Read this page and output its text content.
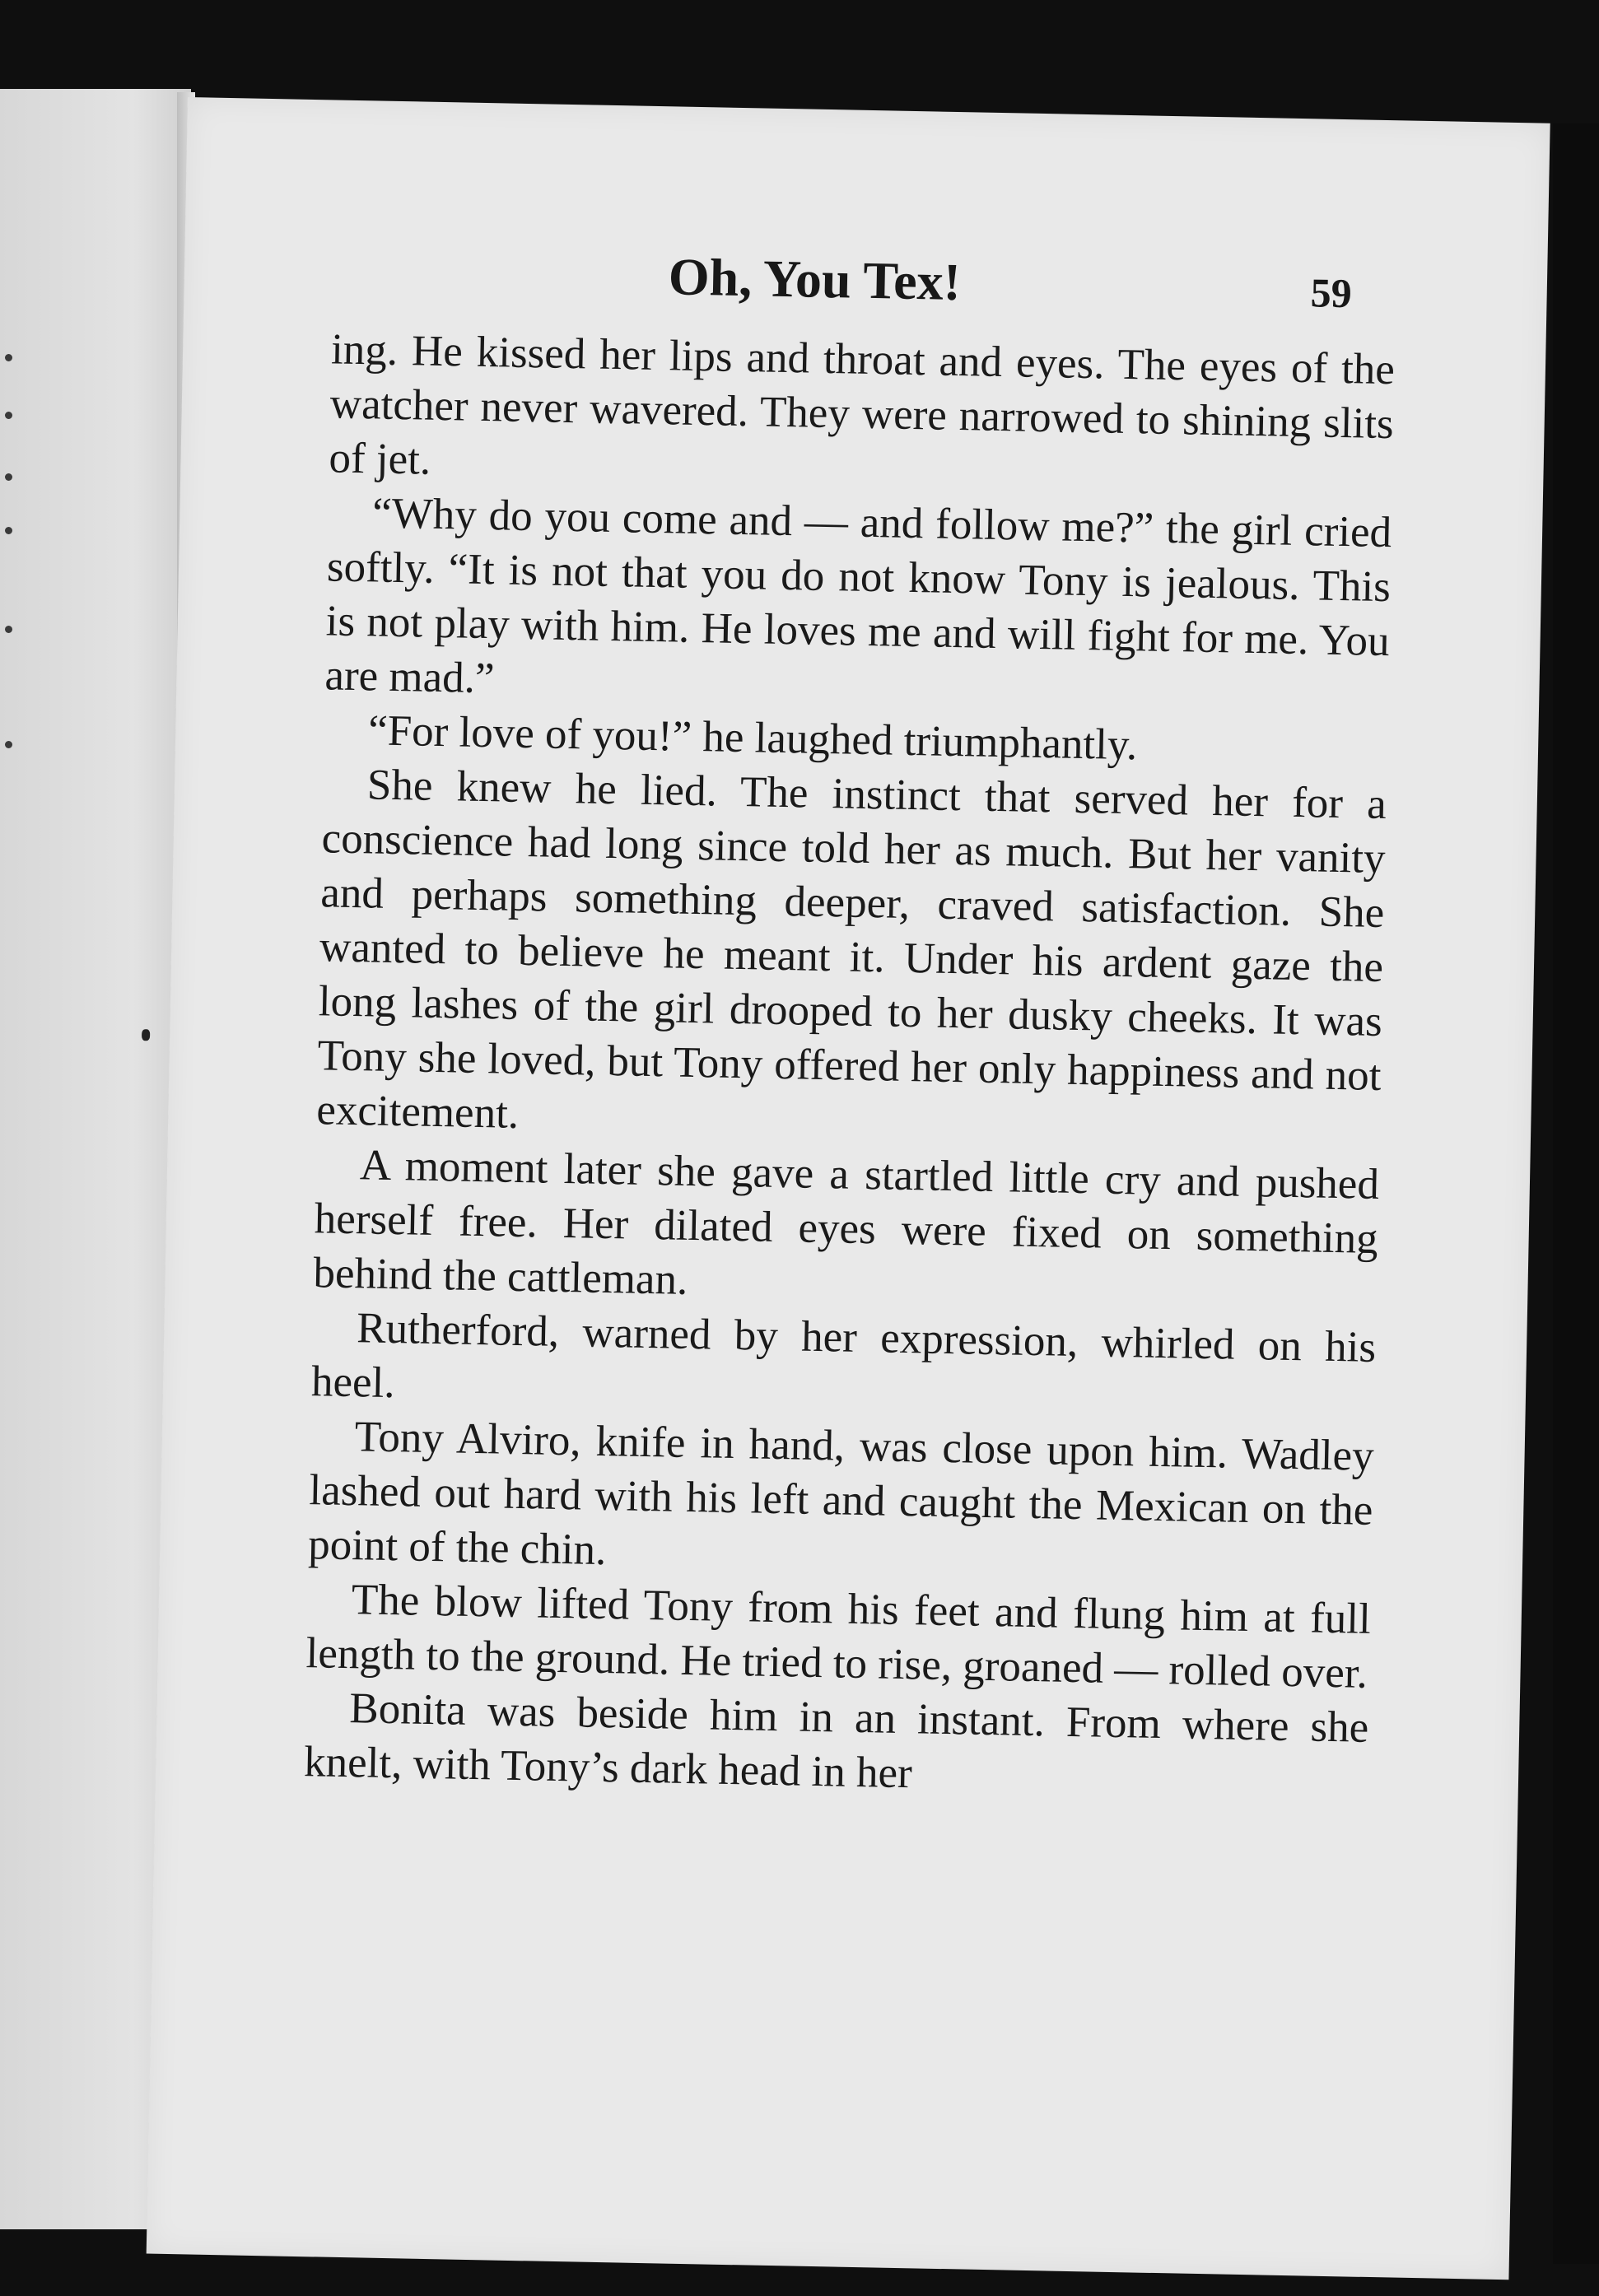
Oh, You Tex!	59

ing. He kissed her lips and throat and eyes. The eyes of the watcher never wavered. They were narrowed to shining slits of jet.

“Why do you come and — and follow me?” the girl cried softly. “It is not that you do not know Tony is jealous. This is not play with him. He loves me and will fight for me. You are mad.”

“For love of you!” he laughed triumphantly.

She knew he lied. The instinct that served her for a conscience had long since told her as much. But her vanity and perhaps something deeper, craved satisfaction. She wanted to believe he meant it. Under his ardent gaze the long lashes of the girl drooped to her dusky cheeks. It was Tony she loved, but Tony offered her only happiness and not excitement.

A moment later she gave a startled little cry and pushed herself free. Her dilated eyes were fixed on something behind the cattleman.

Rutherford, warned by her expression, whirled on his heel.

Tony Alviro, knife in hand, was close upon him. Wadley lashed out hard with his left and caught the Mexican on the point of the chin.

The blow lifted Tony from his feet and flung him at full length to the ground. He tried to rise, groaned — rolled over.

Bonita was beside him in an instant. From where she knelt, with Tony’s dark head in her
